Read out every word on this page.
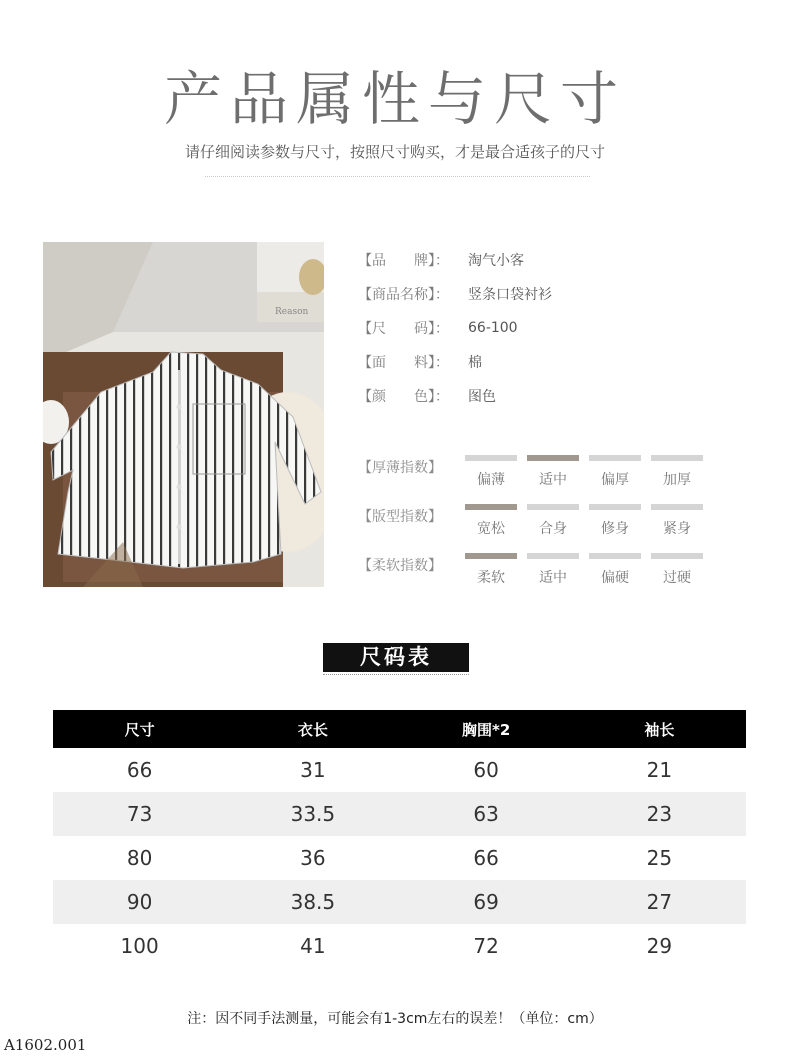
产品属性与尺寸
请仔细阅读参数与尺寸，按照尺寸购买，才是最合适孩子的尺寸
Reason
【品　　牌】：	淘气小客
【商品名称】：	竖条口袋衬衫
【尺　　码】：	66-100
【面　　料】：	棉
【颜　　色】：	图色
【厚薄指数】
偏薄	适中	偏厚	加厚
【版型指数】
宽松	合身	修身	紧身
【柔软指数】
柔软	适中	偏硬	过硬
尺码表
尺寸	衣长	胸围*2	袖长
66	31	60	21
73	33.5	63	23
80	36	66	25
90	38.5	69	27
100	41	72	29
注：因不同手法测量，可能会有1-3cm左右的误差！（单位：cm）
A1602.001
